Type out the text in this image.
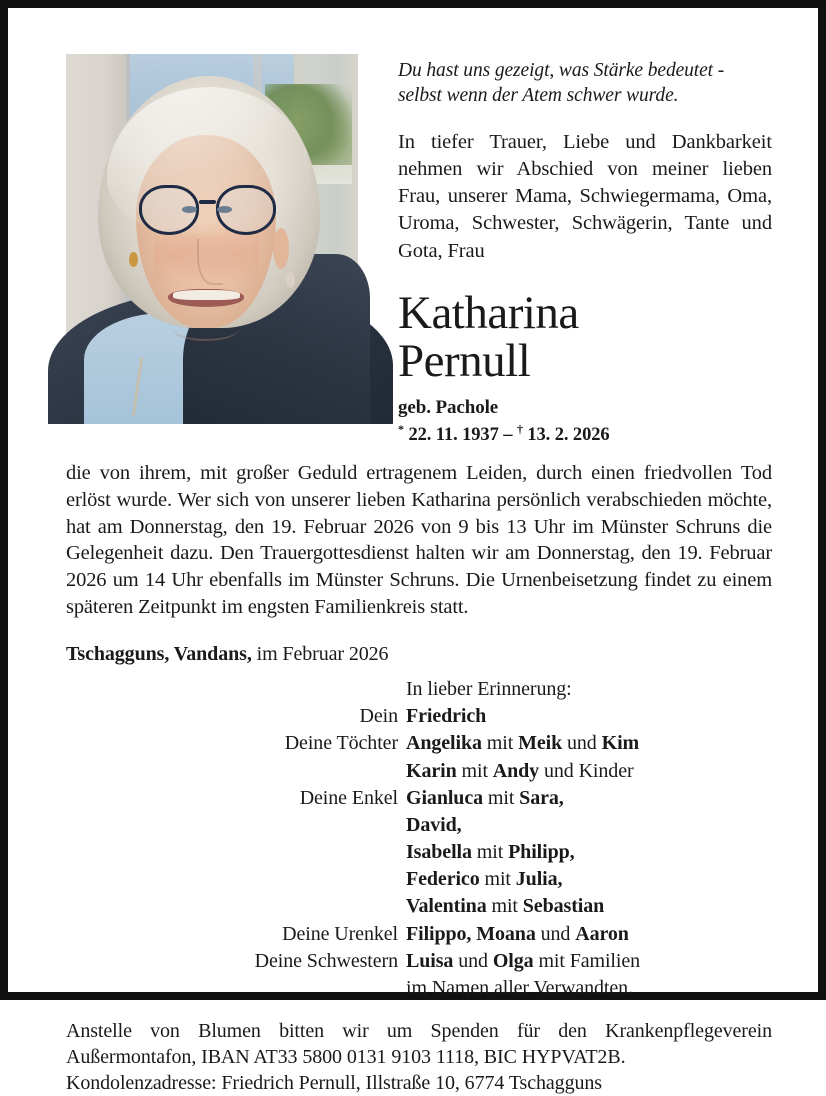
Du hast uns gezeigt, was Stärke bedeutet - selbst wenn der Atem schwer wurde.

In tiefer Trauer, Liebe und Dankbarkeit nehmen wir Abschied von meiner lieben Frau, unserer Mama, Schwiegermama, Oma, Uroma, Schwester, Schwägerin, Tante und Gota, Frau

Katharina
Pernull

geb. Pachole

* 22. 11. 1937 – † 13. 2. 2026

die von ihrem, mit großer Geduld ertragenem Leiden, durch einen friedvollen Tod erlöst wurde. Wer sich von unserer lieben Katharina persönlich verabschieden möchte, hat am Donnerstag, den 19. Februar 2026 von 9 bis 13 Uhr im Münster Schruns die Gelegenheit dazu. Den Trauergottesdienst halten wir am Donnerstag, den 19. Februar 2026 um 14 Uhr ebenfalls im Münster Schruns. Die Urnenbeisetzung findet zu einem späteren Zeitpunkt im engsten Familienkreis statt.

Tschagguns, Vandans, im Februar 2026

In lieber Erinnerung:
Dein Friedrich
Deine Töchter Angelika mit Meik und Kim
Karin mit Andy und Kinder
Deine Enkel Gianluca mit Sara,
David,
Isabella mit Philipp,
Federico mit Julia,
Valentina mit Sebastian
Deine Urenkel Filippo, Moana und Aaron
Deine Schwestern Luisa und Olga mit Familien
im Namen aller Verwandten.

Anstelle von Blumen bitten wir um Spenden für den Krankenpflegeverein Außermontafon, IBAN AT33 5800 0131 9103 1118, BIC HYPVAT2B.

Kondolenzadresse: Friedrich Pernull, Illstraße 10, 6774 Tschagguns
